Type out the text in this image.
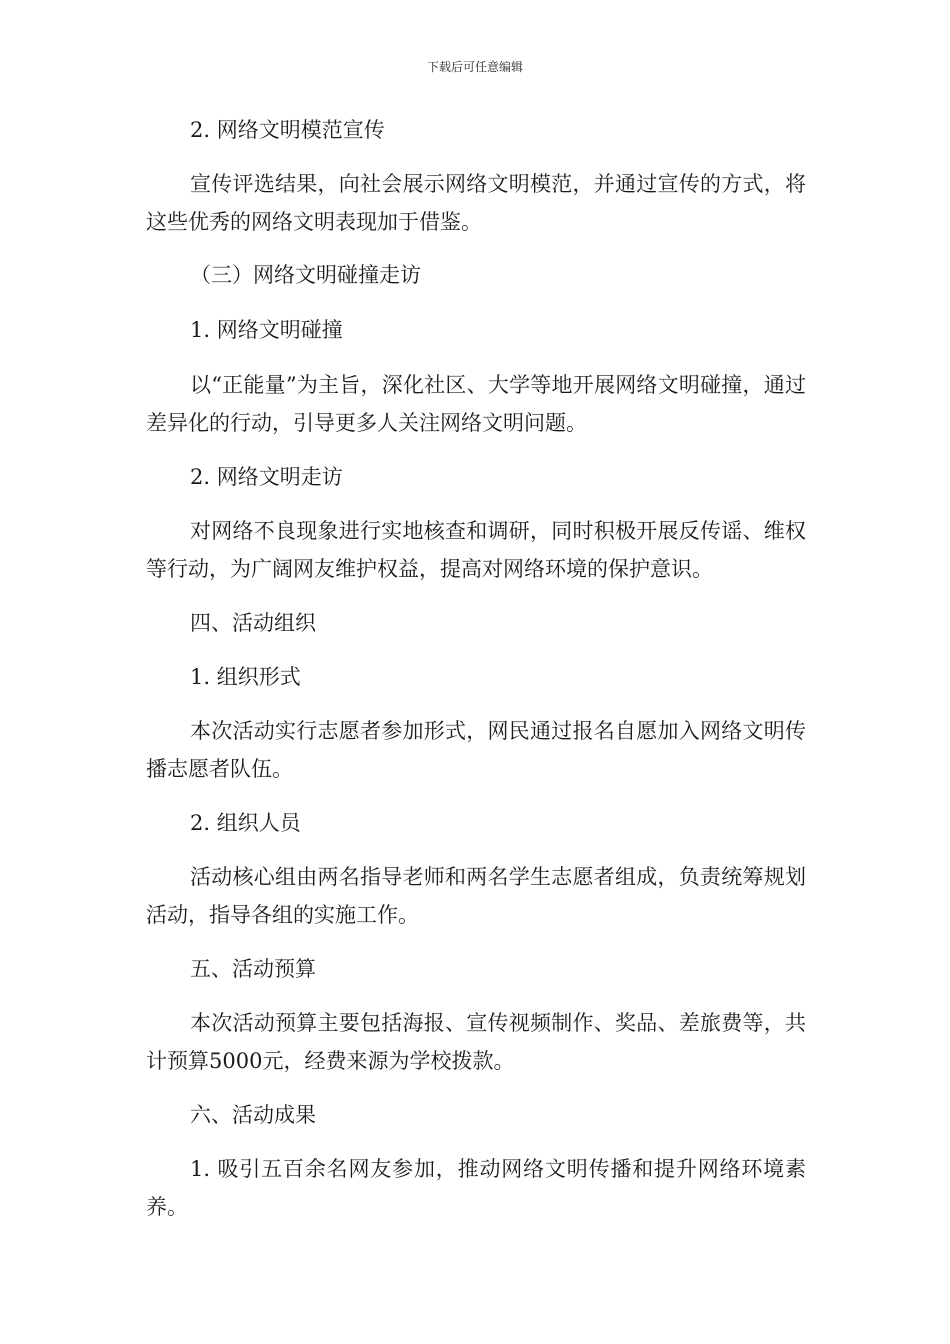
下载后可任意编辑
2. 网络文明模范宣传
宣传评选结果，向社会展示网络文明模范，并通过宣传的方式，将这些优秀的网络文明表现加于借鉴。
（三）网络文明碰撞走访
1. 网络文明碰撞
以“正能量”为主旨，深化社区、大学等地开展网络文明碰撞，通过差异化的行动，引导更多人关注网络文明问题。
2. 网络文明走访
对网络不良现象进行实地核查和调研，同时积极开展反传谣、维权等行动，为广阔网友维护权益，提高对网络环境的保护意识。
四、活动组织
1. 组织形式
本次活动实行志愿者参加形式，网民通过报名自愿加入网络文明传播志愿者队伍。
2. 组织人员
活动核心组由两名指导老师和两名学生志愿者组成，负责统筹规划活动，指导各组的实施工作。
五、活动预算
本次活动预算主要包括海报、宣传视频制作、奖品、差旅费等，共计预算5000元，经费来源为学校拨款。
六、活动成果
1. 吸引五百余名网友参加，推动网络文明传播和提升网络环境素养。
